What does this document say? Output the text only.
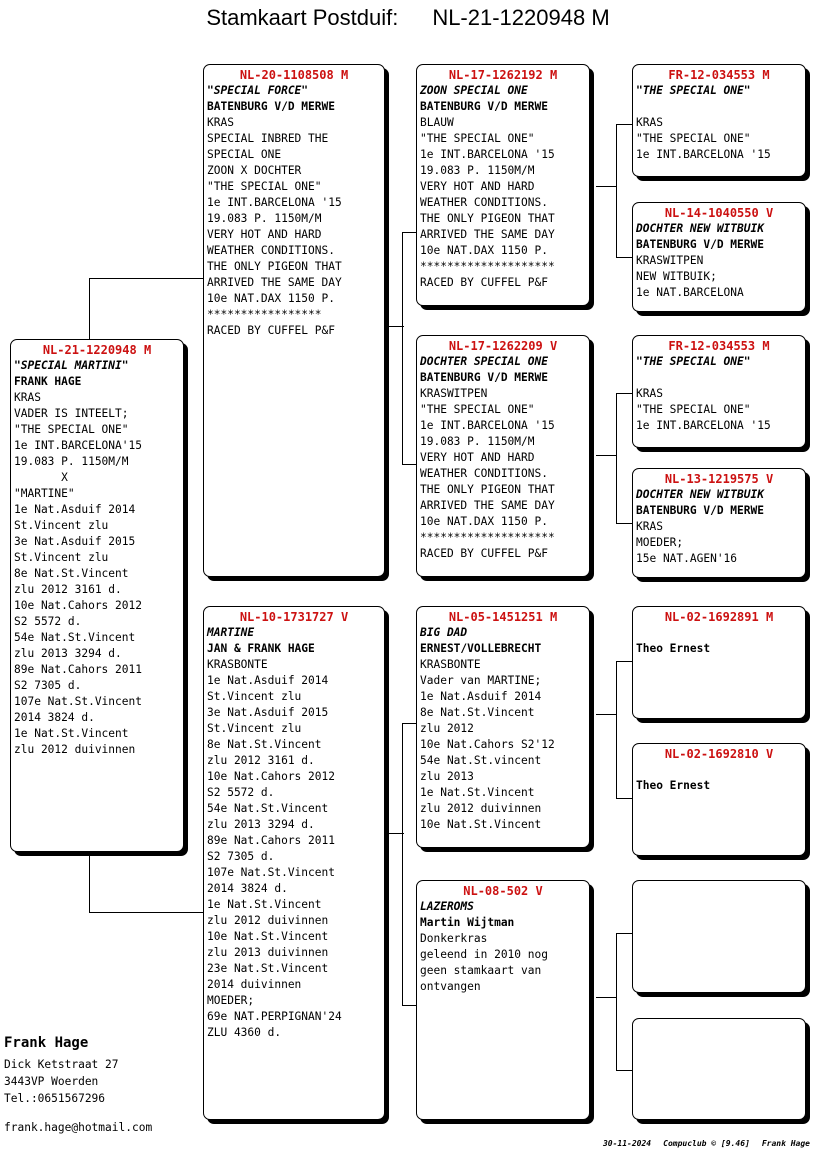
Stamkaart Postduif: NL-21-1220948 M
NL-21-1220948 M
"SPECIAL MARTINI"
FRANK HAGE
KRAS
VADER IS INTEELT;
"THE SPECIAL ONE"
1e INT.BARCELONA'15
19.083 P. 1150M/M
X
"MARTINE"
1e Nat.Asduif 2014
St.Vincent zlu
3e Nat.Asduif 2015
St.Vincent zlu
8e Nat.St.Vincent
zlu 2012 3161 d.
10e Nat.Cahors 2012
S2 5572 d.
54e Nat.St.Vincent
zlu 2013 3294 d.
89e Nat.Cahors 2011
S2 7305 d.
107e Nat.St.Vincent
2014 3824 d.
1e Nat.St.Vincent
zlu 2012 duivinnen
NL-20-1108508 M
"SPECIAL FORCE"
BATENBURG V/D MERWE
KRAS
SPECIAL INBRED THE
SPECIAL ONE
ZOON X DOCHTER
"THE SPECIAL ONE"
1e INT.BARCELONA '15
19.083 P. 1150M/M
VERY HOT AND HARD
WEATHER CONDITIONS.
THE ONLY PIGEON THAT
ARRIVED THE SAME DAY
10e NAT.DAX 1150 P.
*****************
RACED BY CUFFEL P&F
NL-10-1731727 V
MARTINE
JAN & FRANK HAGE
KRASBONTE
1e Nat.Asduif 2014
St.Vincent zlu
3e Nat.Asduif 2015
St.Vincent zlu
8e Nat.St.Vincent
zlu 2012 3161 d.
10e Nat.Cahors 2012
S2 5572 d.
54e Nat.St.Vincent
zlu 2013 3294 d.
89e Nat.Cahors 2011
S2 7305 d.
107e Nat.St.Vincent
2014 3824 d.
1e Nat.St.Vincent
zlu 2012 duivinnen
10e Nat.St.Vincent
zlu 2013 duivinnen
23e Nat.St.Vincent
2014 duivinnen
MOEDER;
69e NAT.PERPIGNAN'24
ZLU 4360 d.
NL-17-1262192 M
ZOON SPECIAL ONE
BATENBURG V/D MERWE
BLAUW
"THE SPECIAL ONE"
1e INT.BARCELONA '15
19.083 P. 1150M/M
VERY HOT AND HARD
WEATHER CONDITIONS.
THE ONLY PIGEON THAT
ARRIVED THE SAME DAY
10e NAT.DAX 1150 P.
********************
RACED BY CUFFEL P&F
NL-17-1262209 V
DOCHTER SPECIAL ONE
BATENBURG V/D MERWE
KRASWITPEN
"THE SPECIAL ONE"
1e INT.BARCELONA '15
19.083 P. 1150M/M
VERY HOT AND HARD
WEATHER CONDITIONS.
THE ONLY PIGEON THAT
ARRIVED THE SAME DAY
10e NAT.DAX 1150 P.
********************
RACED BY CUFFEL P&F
NL-05-1451251 M
BIG DAD
ERNEST/VOLLEBRECHT
KRASBONTE
Vader van MARTINE;
1e Nat.Asduif 2014
8e Nat.St.Vincent
zlu 2012
10e Nat.Cahors S2'12
54e Nat.St.vincent
zlu 2013
1e Nat.St.Vincent
zlu 2012 duivinnen
10e Nat.St.Vincent
NL-08-502 V
LAZEROMS
Martin Wijtman
Donkerkras
geleend in 2010 nog
geen stamkaart van
ontvangen
FR-12-034553 M
"THE SPECIAL ONE"
KRAS
"THE SPECIAL ONE"
1e INT.BARCELONA '15
NL-14-1040550 V
DOCHTER NEW WITBUIK
BATENBURG V/D MERWE
KRASWITPEN
NEW WITBUIK;
1e NAT.BARCELONA
FR-12-034553 M
"THE SPECIAL ONE"
KRAS
"THE SPECIAL ONE"
1e INT.BARCELONA '15
NL-13-1219575 V
DOCHTER NEW WITBUIK
BATENBURG V/D MERWE
KRAS
MOEDER;
15e NAT.AGEN'16
NL-02-1692891 M
Theo Ernest
NL-02-1692810 V
Theo Ernest
Frank Hage
Dick Ketstraat 27
3443VP Woerden
Tel.:0651567296
frank.hage@hotmail.com
30-11-2024 Compuclub © [9.46] Frank Hage
